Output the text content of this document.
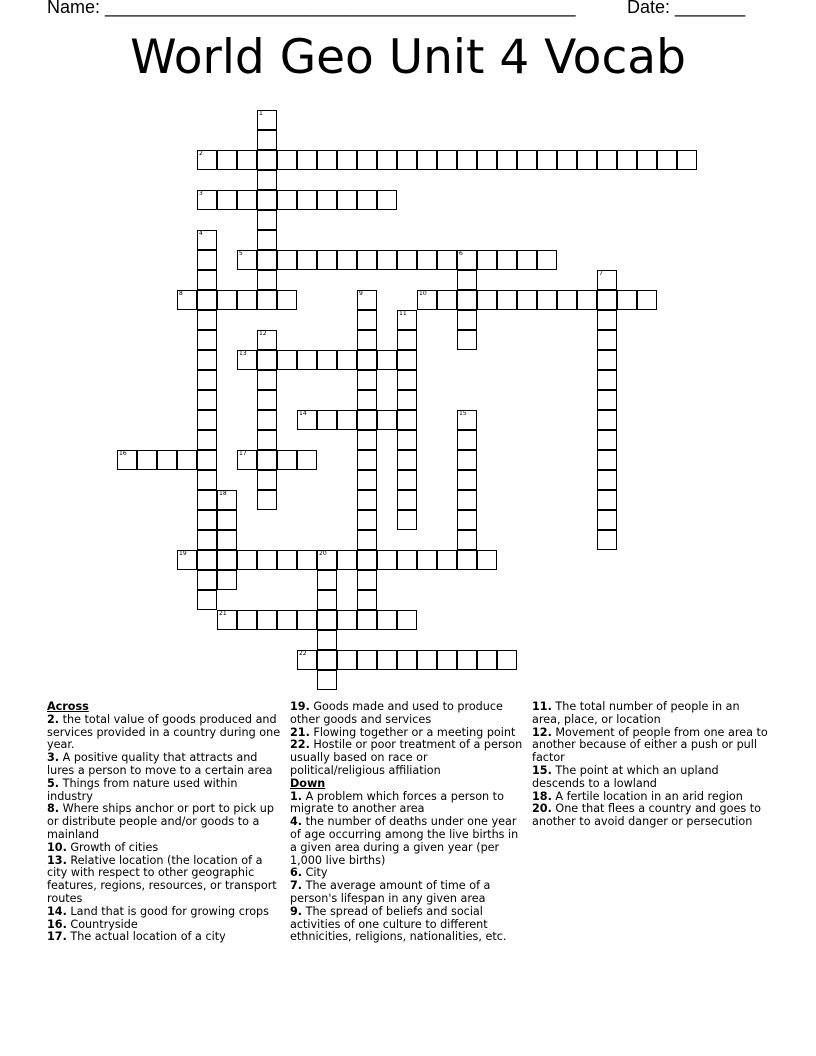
Name: _______________________________________________	Date: _______
World Geo Unit 4 Vocab
1
2
3
4
5	6
7
8	9	10
11
12
13
14	15
16	17
18
19	20
21
22
Across
2. the total value of goods produced and services provided in a country during one year.
3. A positive quality that attracts and lures a person to move to a certain area
5. Things from nature used within industry
8. Where ships anchor or port to pick up or distribute people and/or goods to a mainland
10. Growth of cities
13. Relative location (the location of a city with respect to other geographic features, regions, resources, or transport routes
14. Land that is good for growing crops
16. Countryside
17. The actual location of a city
19. Goods made and used to produce other goods and services
21. Flowing together or a meeting point
22. Hostile or poor treatment of a person usually based on race or political/religious affiliation
Down
1. A problem which forces a person to migrate to another area
4. the number of deaths under one year of age occurring among the live births in a given area during a given year (per 1,000 live births)
6. City
7. The average amount of time of a person's lifespan in any given area
9. The spread of beliefs and social activities of one culture to different ethnicities, religions, nationalities, etc.
11. The total number of people in an area, place, or location
12. Movement of people from one area to another because of either a push or pull factor
15. The point at which an upland descends to a lowland
18. A fertile location in an arid region
20. One that flees a country and goes to another to avoid danger or persecution
